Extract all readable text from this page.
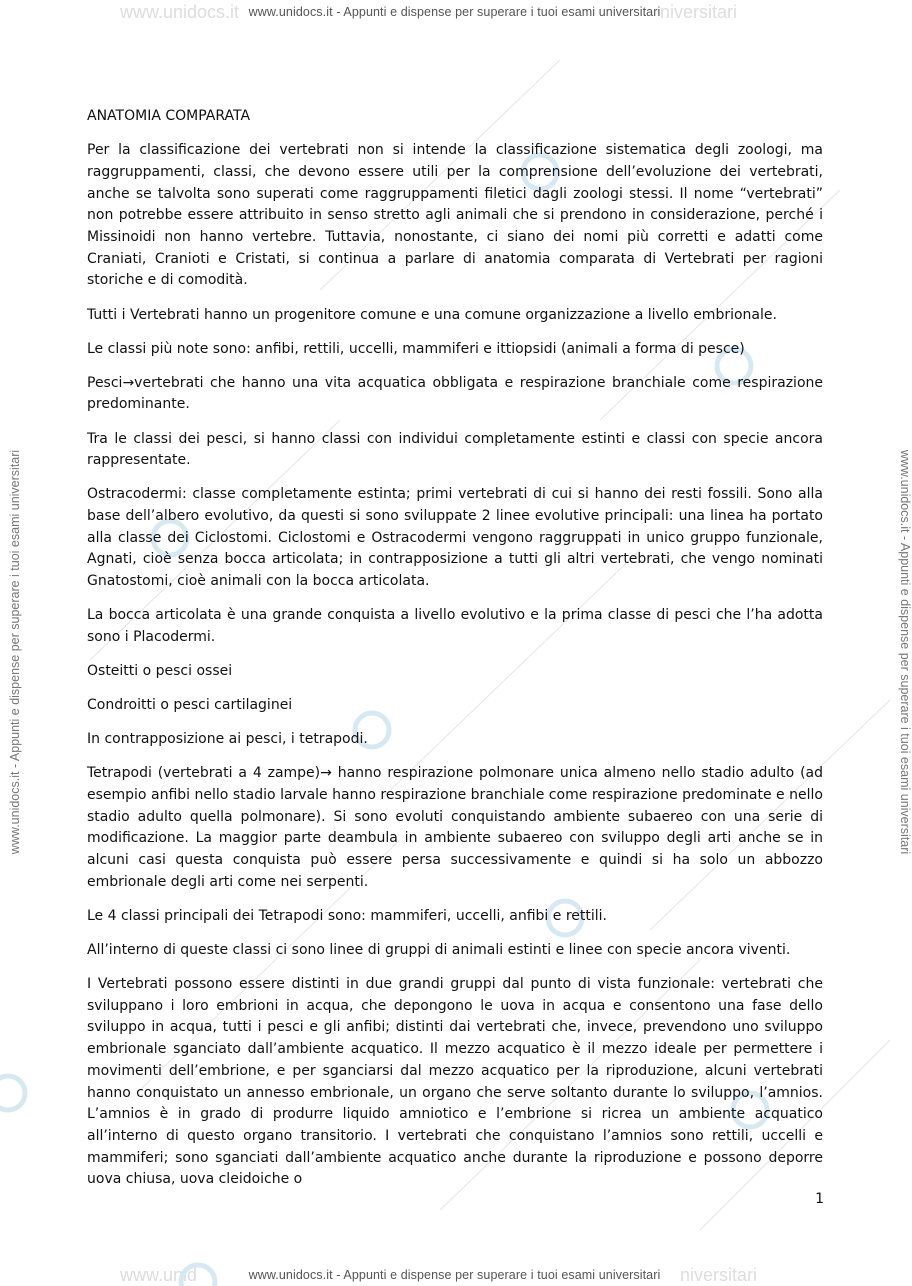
www.unidocs.it	niversitari
www.unid	niversitari
www.unidocs.it - Appunti e dispense per superare i tuoi esami universitari
www.unidocs.it - Appunti e dispense per superare i tuoi esami universitari
www.unidocs.it - Appunti e dispense per superare i tuoi esami universitari	www.unidocs.it - Appunti e dispense per superare i tuoi esami universitari
ANATOMIA COMPARATA

Per la classificazione dei vertebrati non si intende la classificazione sistematica degli zoologi, ma raggruppamenti, classi, che devono essere utili per la comprensione dell’evoluzione dei vertebrati, anche se talvolta sono superati come raggruppamenti filetici dagli zoologi stessi. Il nome “vertebrati” non potrebbe essere attribuito in senso stretto agli animali che si prendono in considerazione, perché i Missinoidi non hanno vertebre. Tuttavia, nonostante, ci siano dei nomi più corretti e adatti come Craniati, Cranioti e Cristati, si continua a parlare di anatomia comparata di Vertebrati per ragioni storiche e di comodità.

Tutti i Vertebrati hanno un progenitore comune e una comune organizzazione a livello embrionale.

Le classi più note sono: anfibi, rettili, uccelli, mammiferi e ittiopsidi (animali a forma di pesce)

Pesci→vertebrati che hanno una vita acquatica obbligata e respirazione branchiale come respirazione predominante.

Tra le classi dei pesci, si hanno classi con individui completamente estinti e classi con specie ancora rappresentate.

Ostracodermi: classe completamente estinta; primi vertebrati di cui si hanno dei resti fossili. Sono alla base dell’albero evolutivo, da questi si sono sviluppate 2 linee evolutive principali: una linea ha portato alla classe dei Ciclostomi. Ciclostomi e Ostracodermi vengono raggruppati in unico gruppo funzionale, Agnati, cioè senza bocca articolata; in contrapposizione a tutti gli altri vertebrati, che vengo nominati Gnatostomi, cioè animali con la bocca articolata.

La bocca articolata è una grande conquista a livello evolutivo e la prima classe di pesci che l’ha adotta sono i Placodermi.

Osteitti o pesci ossei

Condroitti o pesci cartilaginei

In contrapposizione ai pesci, i tetrapodi.

Tetrapodi (vertebrati a 4 zampe)→ hanno respirazione polmonare unica almeno nello stadio adulto (ad esempio anfibi nello stadio larvale hanno respirazione branchiale come respirazione predominate e nello stadio adulto quella polmonare). Si sono evoluti conquistando ambiente subaereo con una serie di modificazione. La maggior parte deambula in ambiente subaereo con sviluppo degli arti anche se in alcuni casi questa conquista può essere persa successivamente e quindi si ha solo un abbozzo embrionale degli arti come nei serpenti.

Le 4 classi principali dei Tetrapodi sono: mammiferi, uccelli, anfibi e rettili.

All’interno di queste classi ci sono linee di gruppi di animali estinti e linee con specie ancora viventi.

I Vertebrati possono essere distinti in due grandi gruppi dal punto di vista funzionale: vertebrati che sviluppano i loro embrioni in acqua, che depongono le uova in acqua e consentono una fase dello sviluppo in acqua, tutti i pesci e gli anfibi; distinti dai vertebrati che, invece, prevendono uno sviluppo embrionale sganciato dall’ambiente acquatico. Il mezzo acquatico è il mezzo ideale per permettere i movimenti dell’embrione, e per sganciarsi dal mezzo acquatico per la riproduzione, alcuni vertebrati hanno conquistato un annesso embrionale, un organo che serve soltanto durante lo sviluppo, l’amnios. L’amnios è in grado di produrre liquido amniotico e l’embrione si ricrea un ambiente acquatico all’interno di questo organo transitorio. I vertebrati che conquistano l’amnios sono rettili, uccelli e mammiferi; sono sganciati dall’ambiente acquatico anche durante la riproduzione e possono deporre uova chiusa, uova cleidoiche o

1
